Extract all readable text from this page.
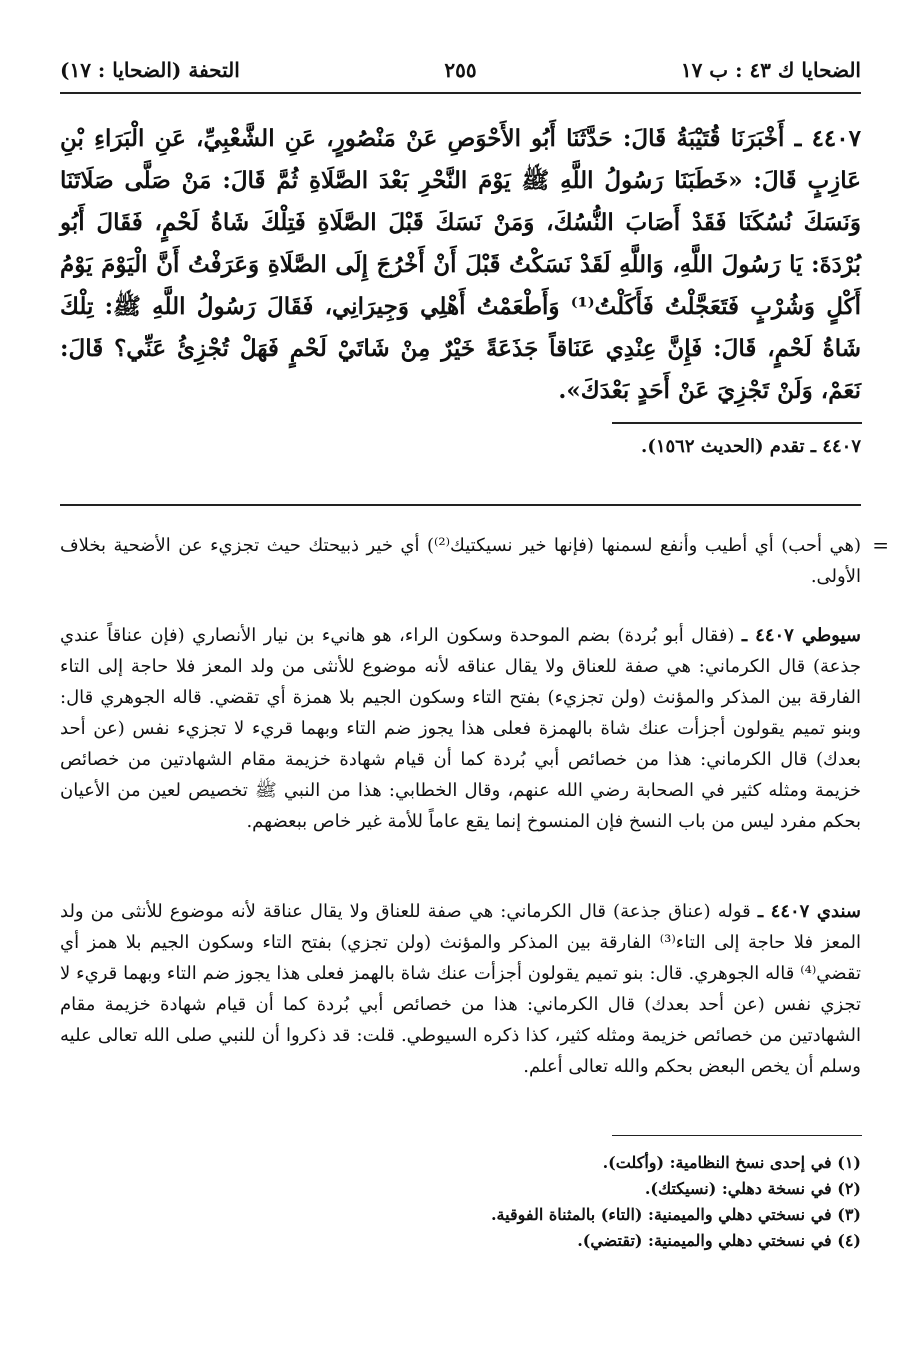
الضحايا ك ٤٣ : ب ١٧
٢٥٥
التحفة (الضحايا : ١٧)
٤٤٠٧ ـ أَخْبَرَنَا قُتَيْبَةُ قَالَ: حَدَّثَنَا أَبُو الأَحْوَصِ عَنْ مَنْصُورٍ، عَنِ الشَّعْبِيِّ، عَنِ الْبَرَاءِ بْنِ عَازِبٍ قَالَ: «خَطَبَنَا رَسُولُ اللَّهِ ﷺ يَوْمَ النَّحْرِ بَعْدَ الصَّلَاةِ ثُمَّ قَالَ: مَنْ صَلَّى صَلَاتَنَا وَنَسَكَ نُسُكَنَا فَقَدْ أَصَابَ النُّسُكَ، وَمَنْ نَسَكَ قَبْلَ الصَّلَاةِ فَتِلْكَ شَاةُ لَحْمٍ، فَقَالَ أَبُو بُرْدَةَ: يَا رَسُولَ اللَّهِ، وَاللَّهِ لَقَدْ نَسَكْتُ قَبْلَ أَنْ أَخْرُجَ إِلَى الصَّلَاةِ وَعَرَفْتُ أَنَّ الْيَوْمَ يَوْمُ أَكْلٍ وَشُرْبٍ فَتَعَجَّلْتُ فَأَكَلْتُ⁽¹⁾ وَأَطْعَمْتُ أَهْلِي وَجِيرَانِي، فَقَالَ رَسُولُ اللَّهِ ﷺ: تِلْكَ شَاةُ لَحْمٍ، قَالَ: فَإِنَّ عِنْدِي عَنَاقاً جَذَعَةً خَيْرٌ مِنْ شَاتَيْ لَحْمٍ فَهَلْ تُجْزِئُ عَنِّي؟ قَالَ: نَعَمْ، وَلَنْ تَجْزِيَ عَنْ أَحَدٍ بَعْدَكَ».
٤٤٠٧ ـ تقدم (الحديث ١٥٦٢).
=
(هي أحب) أي أطيب وأنفع لسمنها (فإنها خير نسيكتيك⁽²⁾) أي خير ذبيحتك حيث تجزيء عن الأضحية بخلاف الأولى.
سيوطي ٤٤٠٧ ـ (فقال أبو بُردة) بضم الموحدة وسكون الراء، هو هانيء بن نيار الأنصاري (فإن عناقاً عندي جذعة) قال الكرماني: هي صفة للعناق ولا يقال عناقه لأنه موضوع للأنثى من ولد المعز فلا حاجة إلى التاء الفارقة بين المذكر والمؤنث (ولن تجزيء) بفتح التاء وسكون الجيم بلا همزة أي تقضي. قاله الجوهري قال: وبنو تميم يقولون أجزأت عنك شاة بالهمزة فعلى هذا يجوز ضم التاء وبهما قريء لا تجزيء نفس (عن أحد بعدك) قال الكرماني: هذا من خصائص أبي بُردة كما أن قيام شهادة خزيمة مقام الشهادتين من خصائص خزيمة ومثله كثير في الصحابة رضي الله عنهم، وقال الخطابي: هذا من النبي ﷺ تخصيص لعين من الأعيان بحكم مفرد ليس من باب النسخ فإن المنسوخ إنما يقع عاماً للأمة غير خاص ببعضهم.
سندي ٤٤٠٧ ـ قوله (عناق جذعة) قال الكرماني: هي صفة للعناق ولا يقال عناقة لأنه موضوع للأنثى من ولد المعز فلا حاجة إلى التاء⁽³⁾ الفارقة بين المذكر والمؤنث (ولن تجزي) بفتح التاء وسكون الجيم بلا همز أي تقضي⁽⁴⁾ قاله الجوهري. قال: بنو تميم يقولون أجزأت عنك شاة بالهمز فعلى هذا يجوز ضم التاء وبهما قريء لا تجزي نفس (عن أحد بعدك) قال الكرماني: هذا من خصائص أبي بُردة كما أن قيام شهادة خزيمة مقام الشهادتين من خصائص خزيمة ومثله كثير، كذا ذكره السيوطي. قلت: قد ذكروا أن للنبي صلى الله تعالى عليه وسلم أن يخص البعض بحكم والله تعالى أعلم.
(١) في إحدى نسخ النظامية: (وأكلت).
(٢) في نسخة دهلي: (نسيكتك).
(٣) في نسختي دهلي والميمنية: (التاء) بالمثناة الفوقية.
(٤) في نسختي دهلي والميمنية: (تقتضي).
